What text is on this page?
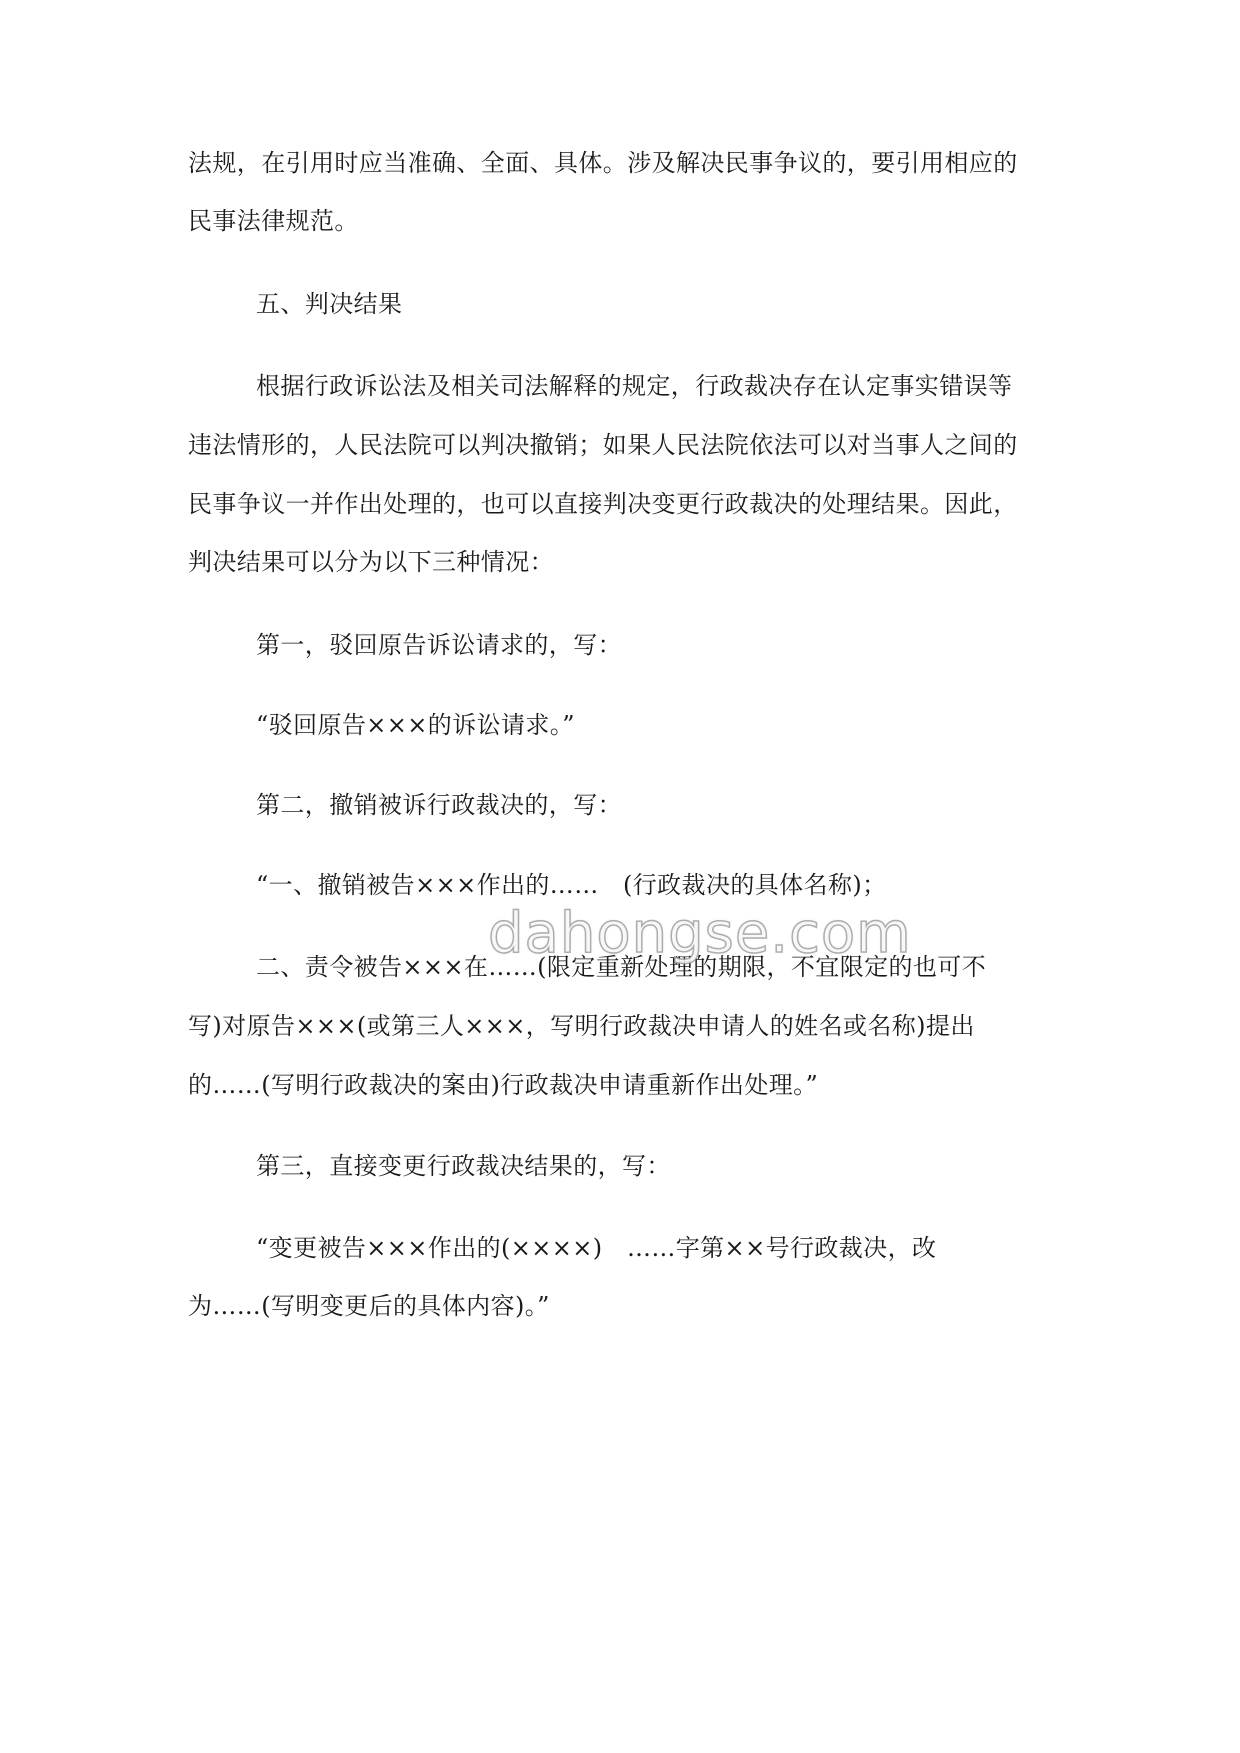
法规，在引用时应当准确、全面、具体。涉及解决民事争议的，要引用相应的
民事法律规范。
五、判决结果
根据行政诉讼法及相关司法解释的规定，行政裁决存在认定事实错误等
违法情形的，人民法院可以判决撤销；如果人民法院依法可以对当事人之间的
民事争议一并作出处理的，也可以直接判决变更行政裁决的处理结果。因此，
判决结果可以分为以下三种情况：
第一，驳回原告诉讼请求的，写：
“驳回原告×××的诉讼请求。”
第二，撤销被诉行政裁决的，写：
“一、撤销被告×××作出的……　(行政裁决的具体名称)；
二、责令被告×××在……(限定重新处理的期限，不宜限定的也可不
写)对原告×××(或第三人×××，写明行政裁决申请人的姓名或名称)提出
的……(写明行政裁决的案由)行政裁决申请重新作出处理。”
第三，直接变更行政裁决结果的，写：
“变更被告×××作出的(××××)　……字第××号行政裁决，改
为……(写明变更后的具体内容)。”
dahongse.com
